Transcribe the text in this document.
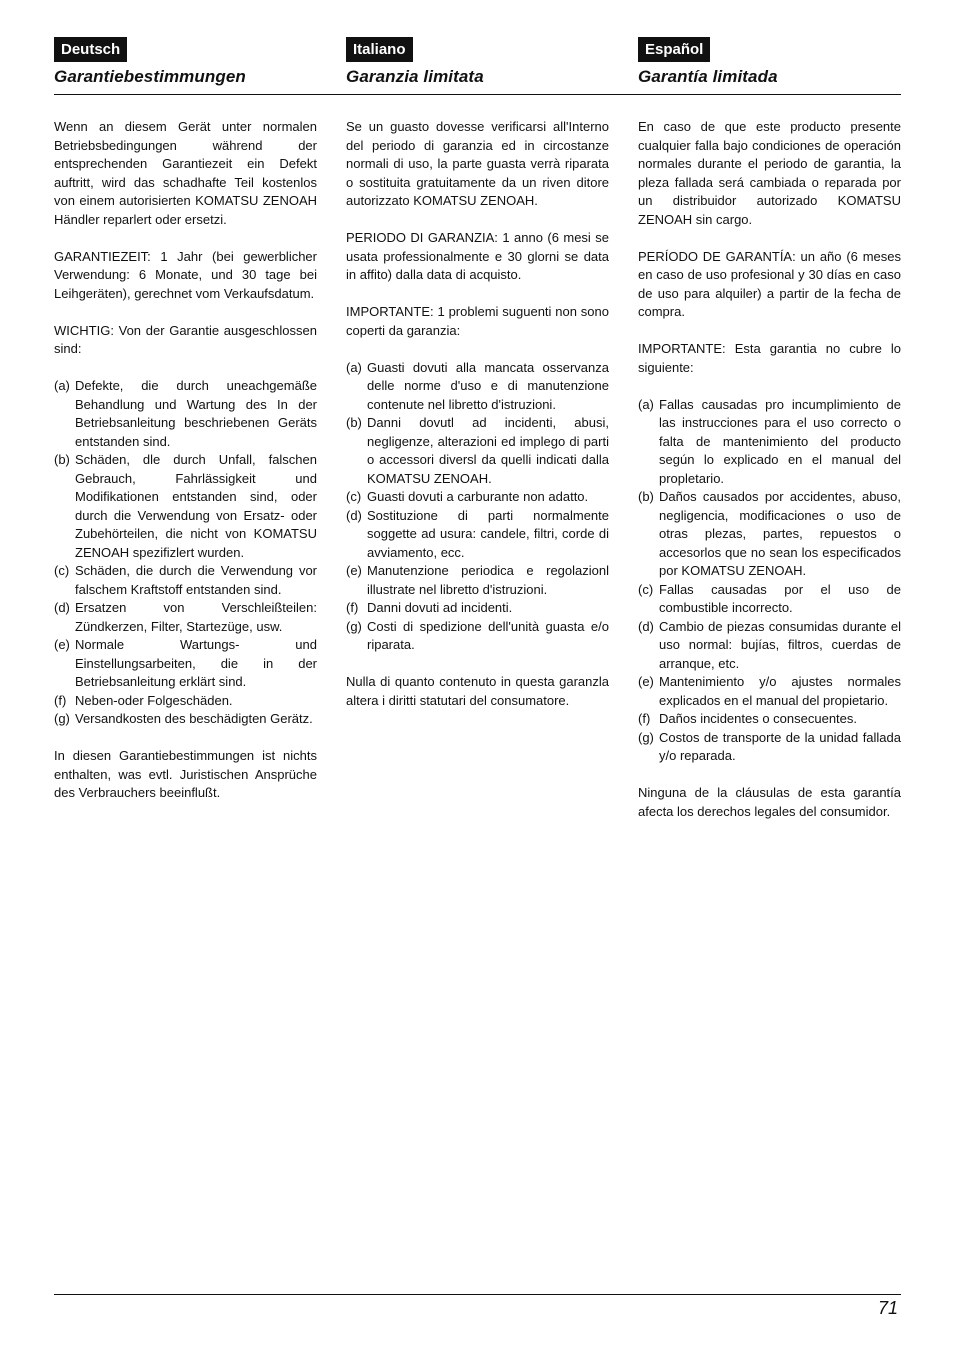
Deutsch
Garantiebestimmungen
Italiano
Garanzia limitata
Español
Garantía limitada

Wenn an diesem Gerät unter normalen Betriebsbedingungen während der entsprechenden Garantiezeit ein Defekt auftritt, wird das schadhafte Teil kostenlos von einem autorisierten KOMATSU ZENOAH Händler reparlert oder ersetzi.

GARANTIEZEIT: 1 Jahr (bei gewerblicher Verwendung: 6 Monate, und 30 tage bei Leihgeräten), gerechnet vom Verkaufsdatum.

WICHTIG: Von der Garantie ausgeschlossen sind:

(a) Defekte, die durch uneachgemäße Behandlung und Wartung des In der Betriebsanleitung beschriebenen Geräts entstanden sind.
(b) Schäden, dle durch Unfall, falschen Gebrauch, Fahrlässigkeit und Modifikationen entstanden sind, oder durch die Verwendung von Ersatz- oder Zubehörteilen, die nicht von KOMATSU ZENOAH spezifizlert wurden.
(c) Schäden, die durch die Verwendung vor falschem Kraftstoff entstanden sind.
(d) Ersatzen von Verschleißteilen: Zündkerzen, Filter, Startezüge, usw.
(e) Normale Wartungs- und Einstellungsarbeiten, die in der Betriebsanleitung erklärt sind.
(f) Neben-oder Folgeschäden.
(g) Versandkosten des beschädigten Gerätz.

In diesen Garantiebestimmungen ist nichts enthalten, was evtl. Juristischen Ansprüche des Verbrauchers beeinflußt.

Se un guasto dovesse verificarsi all'Interno del periodo di garanzia ed in circostanze normali di uso, la parte guasta verrà riparata o sostituita gratuitamente da un riven ditore autorizzato KOMATSU ZENOAH.

PERIODO DI GARANZIA: 1 anno (6 mesi se usata professionalmente e 30 glorni se data in affito) dalla data di acquisto.

IMPORTANTE: 1 problemi suguenti non sono coperti da garanzia:

(a) Guasti dovuti alla mancata osservanza delle norme d'uso e di manutenzione contenute nel libretto d'istruzioni.
(b) Danni dovutl ad incidenti, abusi, negligenze, alterazioni ed implego di parti o accessori diversl da quelli indicati dalla KOMATSU ZENOAH.
(c) Guasti dovuti a carburante non adatto.
(d) Sostituzione di parti normalmente soggette ad usura: candele, filtri, corde di avviamento, ecc.
(e) Manutenzione periodica e regolazionl illustrate nel libretto d'istruzioni.
(f) Danni dovuti ad incidenti.
(g) Costi di spedizione dell'unità guasta e/o riparata.

Nulla di quanto contenuto in questa garanzla altera i diritti statutari del consumatore.

En caso de que este producto presente cualquier falla bajo condiciones de operación normales durante el periodo de garantia, la pleza fallada será cambiada o reparada por un distribuidor autorizado KOMATSU ZENOAH sin cargo.

PERÍODO DE GARANTÍA: un año (6 meses en caso de uso profesional y 30 días en caso de uso para alquiler) a partir de la fecha de compra.

IMPORTANTE: Esta garantia no cubre lo siguiente:

(a) Fallas causadas pro incumplimiento de las instrucciones para el uso correcto o falta de mantenimiento del producto según lo explicado en el manual del propletario.
(b) Daños causados por accidentes, abuso, negligencia, modificaciones o uso de otras plezas, partes, repuestos o accesorlos que no sean los especificados por KOMATSU ZENOAH.
(c) Fallas causadas por el uso de combustible incorrecto.
(d) Cambio de piezas consumidas durante el uso normal: bujías, filtros, cuerdas de arranque, etc.
(e) Mantenimiento y/o ajustes normales explicados en el manual del propietario.
(f) Daños incidentes o consecuentes.
(g) Costos de transporte de la unidad fallada y/o reparada.

Ninguna de la cláusulas de esta garantía afecta los derechos legales del consumidor.

71
